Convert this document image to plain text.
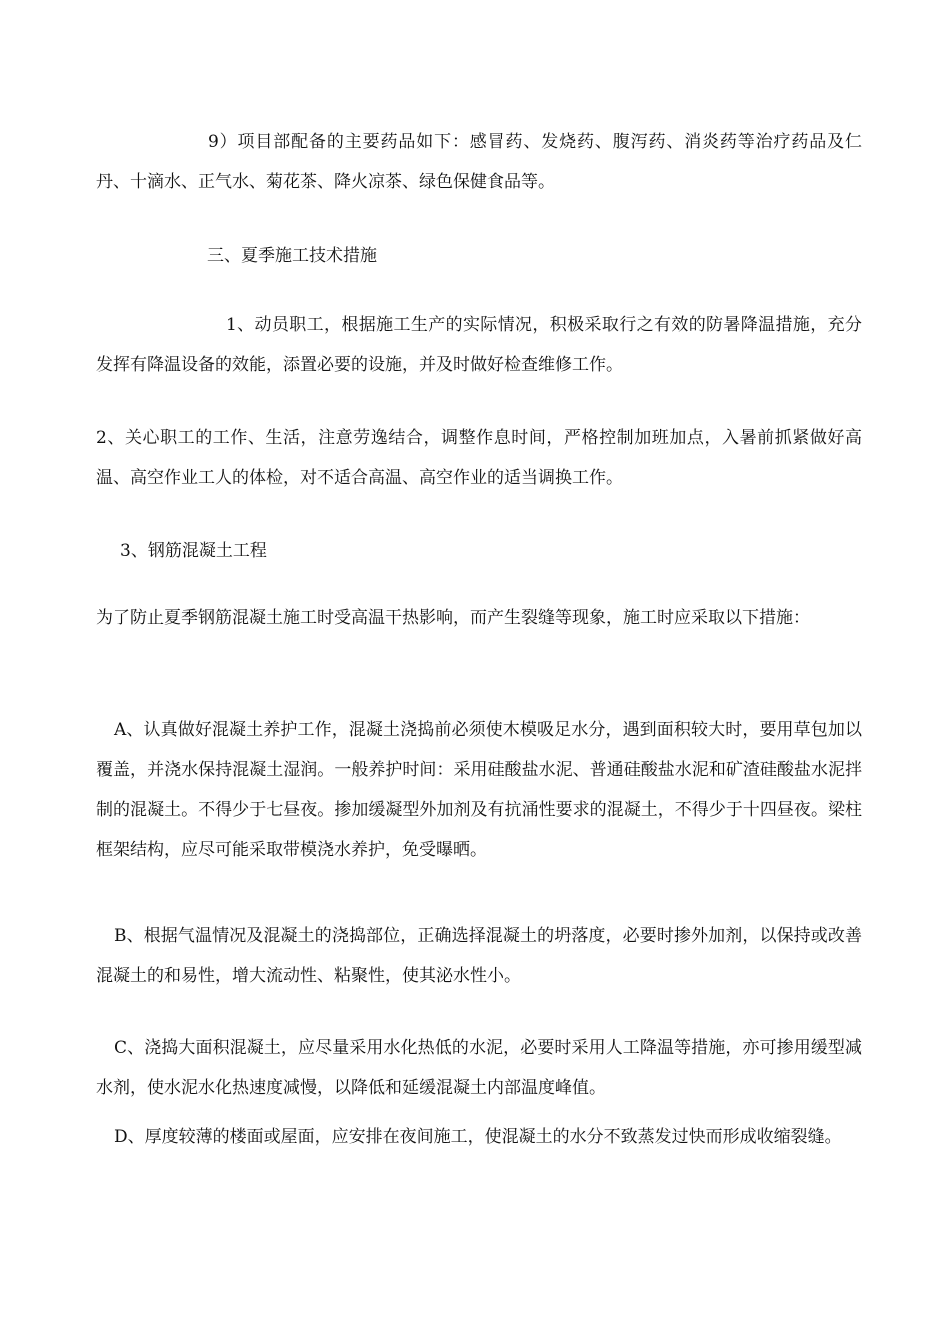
9）项目部配备的主要药品如下：感冒药、发烧药、腹泻药、消炎药等治疗药品及仁丹、十滴水、正气水、菊花茶、降火凉茶、绿色保健食品等。

三、夏季施工技术措施

1、动员职工，根据施工生产的实际情况，积极采取行之有效的防暑降温措施，充分发挥有降温设备的效能，添置必要的设施，并及时做好检查维修工作。

2、关心职工的工作、生活，注意劳逸结合，调整作息时间，严格控制加班加点，入暑前抓紧做好高温、高空作业工人的体检，对不适合高温、高空作业的适当调换工作。

3、钢筋混凝土工程

为了防止夏季钢筋混凝土施工时受高温干热影响，而产生裂缝等现象，施工时应采取以下措施：

A、认真做好混凝土养护工作，混凝土浇捣前必须使木模吸足水分，遇到面积较大时，要用草包加以覆盖，并浇水保持混凝土湿润。一般养护时间：采用硅酸盐水泥、普通硅酸盐水泥和矿渣硅酸盐水泥拌制的混凝土。不得少于七昼夜。掺加缓凝型外加剂及有抗涌性要求的混凝土，不得少于十四昼夜。梁柱框架结构，应尽可能采取带模浇水养护，免受曝晒。

B、根据气温情况及混凝土的浇捣部位，正确选择混凝土的坍落度，必要时掺外加剂，以保持或改善混凝土的和易性，增大流动性、粘聚性，使其泌水性小。

C、浇捣大面积混凝土，应尽量采用水化热低的水泥，必要时采用人工降温等措施，亦可掺用缓型减水剂，使水泥水化热速度减慢，以降低和延缓混凝土内部温度峰值。

D、厚度较薄的楼面或屋面，应安排在夜间施工，使混凝土的水分不致蒸发过快而形成收缩裂缝。
